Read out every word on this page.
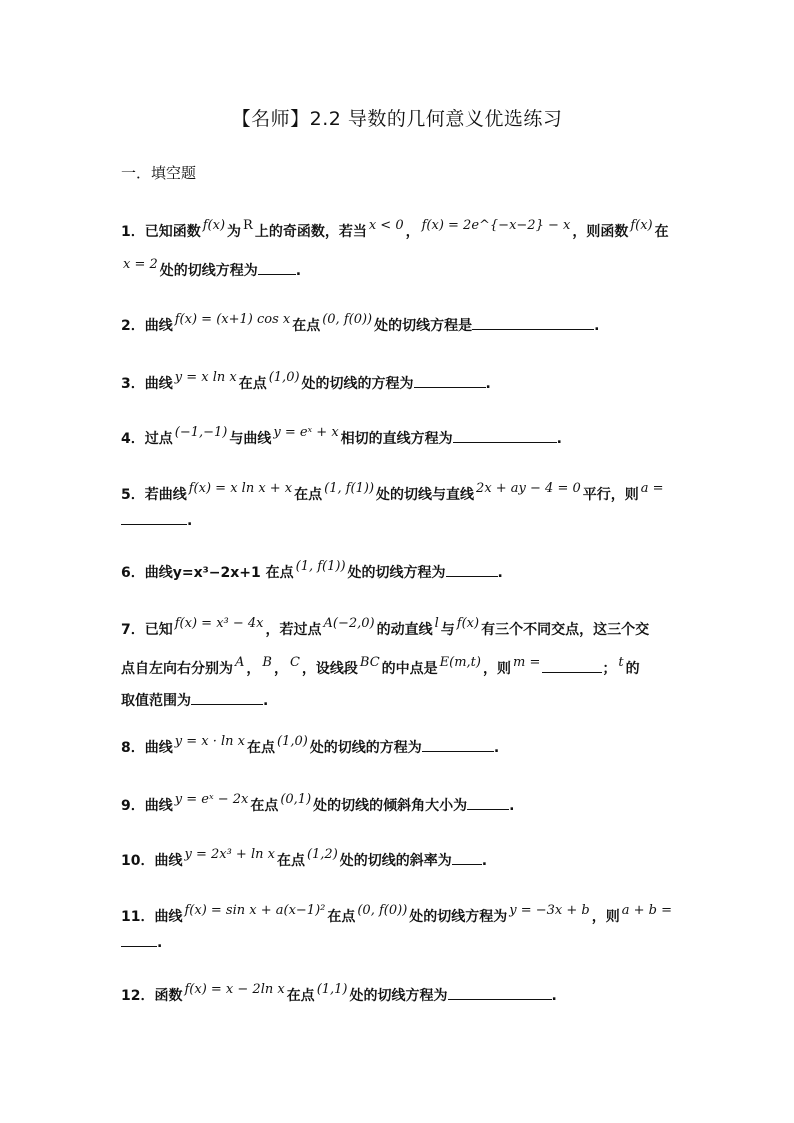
【名师】2.2 导数的几何意义优选练习
一．填空题
1．已知函数 f(x) 为 R 上的奇函数，若当 x < 0 ， f(x) = 2e^{−x−2} − x ，则函数 f(x) 在
x = 2 处的切线方程为	.
2．曲线 f(x) = (x+1) cos x 在点 (0, f(0)) 处的切线方程是	.
3．曲线 y = x ln x 在点 (1,0) 处的切线的方程为	.
4．过点 (−1,−1) 与曲线 y = eˣ + x 相切的直线方程为	.
5．若曲线 f(x) = x ln x + x 在点 (1, f(1)) 处的切线与直线 2x + ay − 4 = 0 平行，则 a =
.
6．曲线y=x³−2x+1 在点 (1, f(1)) 处的切线方程为	.
7．已知 f(x) = x³ − 4x ，若过点 A(−2,0) 的动直线 l 与 f(x) 有三个不同交点，这三个交
点自左向右分别为 A ， B ， C ，设线段 BC 的中点是 E(m,t) ，则 m =	； t 的
取值范围为	.
8．曲线 y = x · ln x 在点 (1,0) 处的切线的方程为	.
9．曲线 y = eˣ − 2x 在点 (0,1) 处的切线的倾斜角大小为	.
10．曲线 y = 2x³ + ln x 在点 (1,2) 处的切线的斜率为 .
11．曲线 f(x) = sin x + a(x−1)² 在点 (0, f(0)) 处的切线方程为 y = −3x + b ，则 a + b =
.
12．函数 f(x) = x − 2ln x 在点 (1,1) 处的切线方程为	.
